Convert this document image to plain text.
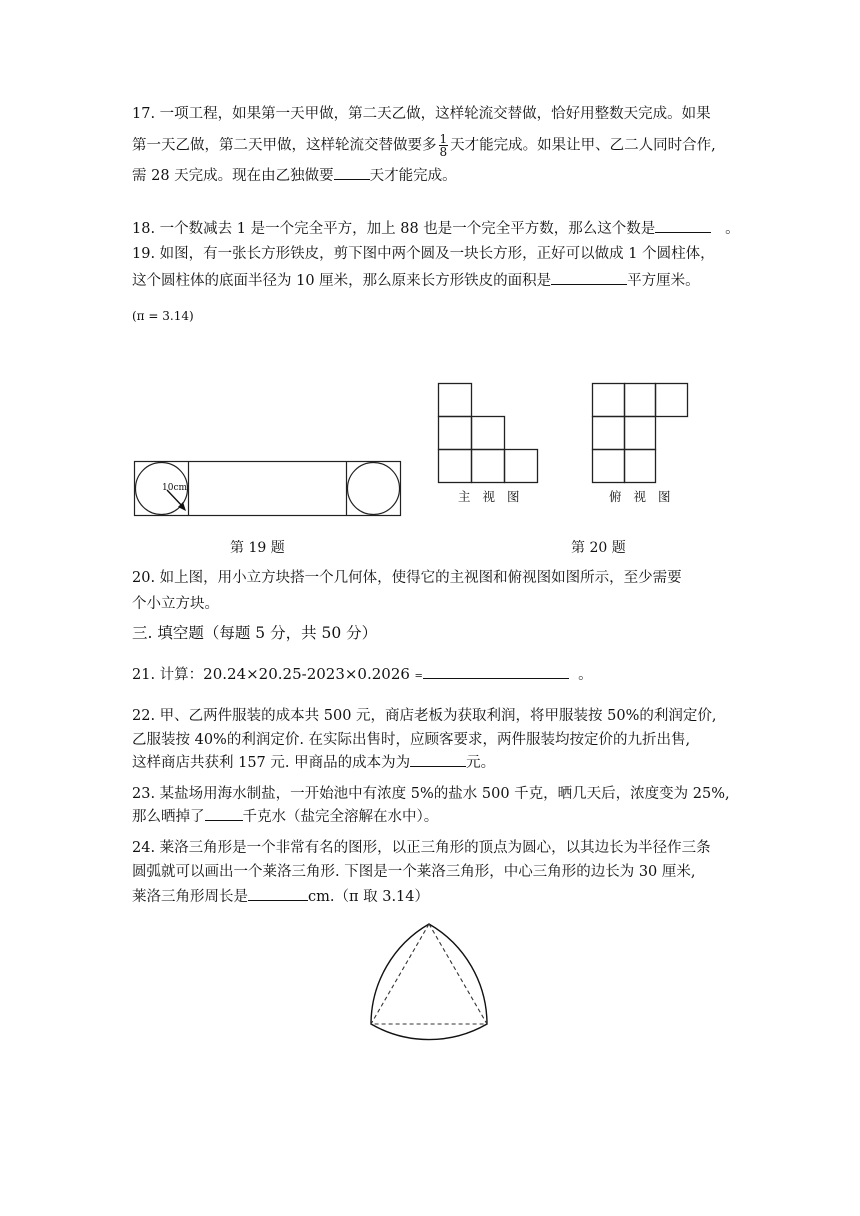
17. 一项工程，如果第一天甲做，第二天乙做，这样轮流交替做，恰好用整数天完成。如果
第一天乙做，第二天甲做，这样轮流交替做要多 $\frac{1}{8}$ 天才能完成。如果让甲、乙二人同时合作,
需 28 天完成。现在由乙独做要 天才能完成。
18. 一个数减去 1 是一个完全平方，加上 88 也是一个完全平方数，那么这个数是	。
19. 如图，有一张长方形铁皮，剪下图中两个圆及一块长方形，正好可以做成 1 个圆柱体，
这个圆柱体的底面半径为 10 厘米，那么原来长方形铁皮的面积是	平方厘米。
(π = 3.14)
10cm
第 19 题
主 视 图	俯 视 图
第 20 题
20. 如上图，用小立方块搭一个几何体，使得它的主视图和俯视图如图所示，至少需要
个小立方块。
三. 填空题（每题 5 分，共 50 分）
21. 计算：20.24×20.25-2023×0.2026 =	。
22. 甲、乙两件服装的成本共 500 元，商店老板为获取利润，将甲服装按 50%的利润定价,
乙服装按 40%的利润定价. 在实际出售时，应顾客要求，两件服装均按定价的九折出售,
这样商店共获利 157 元. 甲商品的成本为为	元。
23. 某盐场用海水制盐，一开始池中有浓度 5%的盐水 500 千克，晒几天后，浓度变为 25%,
那么晒掉了	千克水（盐完全溶解在水中）。
24. 莱洛三角形是一个非常有名的图形，以正三角形的顶点为圆心，以其边长为半径作三条
圆弧就可以画出一个莱洛三角形. 下图是一个莱洛三角形，中心三角形的边长为 30 厘米,
莱洛三角形周长是	cm.（π 取 3.14）
